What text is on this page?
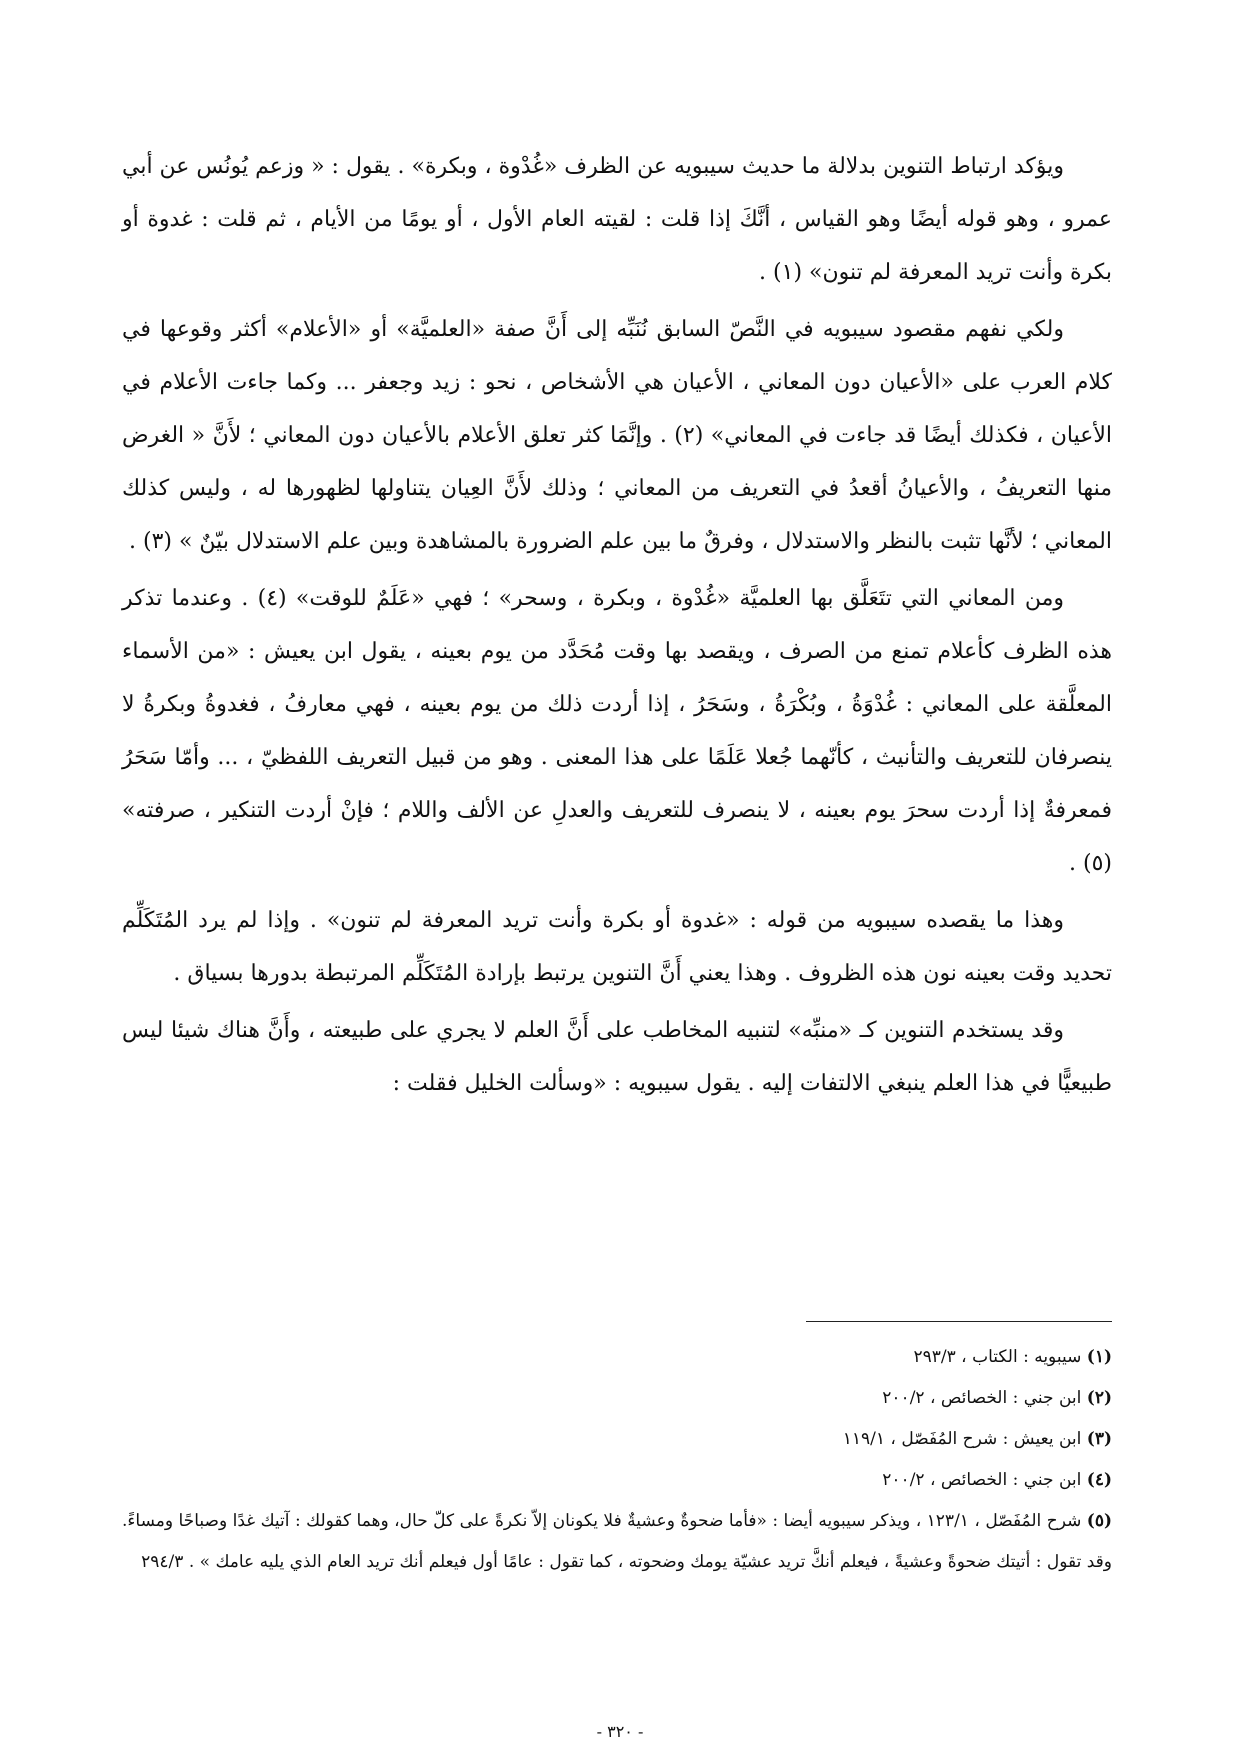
ويؤكد ارتباط التنوين بدلالة ما حديث سيبويه عن الظرف «غُدْوة ، وبكرة» . يقول : « وزعم يُونُس عن أبي عمرو ، وهو قوله أيضًا وهو القياس ، أنَّكَ إذا قلت : لقيته العام الأول ، أو يومًا من الأيام ، ثم قلت : غدوة أو بكرة وأنت تريد المعرفة لم تنون» (١) .

ولكي نفهم مقصود سيبويه في النَّصّ السابق نُنَبِّه إلى أَنَّ صفة «العلميَّة» أو «الأعلام» أكثر وقوعها في كلام العرب على «الأعيان دون المعاني ، الأعيان هي الأشخاص ، نحو : زيد وجعفر ... وكما جاءت الأعلام في الأعيان ، فكذلك أيضًا قد جاءت في المعاني» (٢) . وإنَّمَا كثر تعلق الأعلام بالأعيان دون المعاني ؛ لأَنَّ « الغرض منها التعريفُ ، والأعيانُ أقعدُ في التعريف من المعاني ؛ وذلك لأَنَّ العِيان يتناولها لظهورها له ، وليس كذلك المعاني ؛ لأنَّها تثبت بالنظر والاستدلال ، وفرقٌ ما بين علم الضرورة بالمشاهدة وبين علم الاستدلال بيّنٌ » (٣) .

ومن المعاني التي تتَعَلَّق بها العلميَّة «غُدْوة ، وبكرة ، وسحر» ؛ فهي «عَلَمٌ للوقت» (٤) . وعندما تذكر هذه الظرف كأعلام تمنع من الصرف ، ويقصد بها وقت مُحَدَّد من يوم بعينه ، يقول ابن يعيش : «من الأسماء المعلَّقة على المعاني : غُدْوَةُ ، وبُكْرَةُ ، وسَحَرُ ، إذا أردت ذلك من يوم بعينه ، فهي معارفُ ، فغدوةُ وبكرةُ لا ينصرفان للتعريف والتأنيث ، كأنّهما جُعلا عَلَمًا على هذا المعنى . وهو من قبيل التعريف اللفظيّ ، ... وأمّا سَحَرُ فمعرفةٌ إذا أردت سحرَ يوم بعينه ، لا ينصرف للتعريف والعدلِ عن الألف واللام ؛ فإنْ أردت التنكير ، صرفته» (٥) .

وهذا ما يقصده سيبويه من قوله : «غدوة أو بكرة وأنت تريد المعرفة لم تنون» . وإذا لم يرد المُتَكَلِّم تحديد وقت بعينه نون هذه الظروف . وهذا يعني أَنَّ التنوين يرتبط بإرادة المُتَكَلِّم المرتبطة بدورها بسياق .

وقد يستخدم التنوين كـ «منبِّه» لتنبيه المخاطب على أَنَّ العلم لا يجري على طبيعته ، وأَنَّ هناك شيئا ليس طبيعيًّا في هذا العلم ينبغي الالتفات إليه . يقول سيبويه : «وسألت الخليل فقلت :

(١) سيبويه : الكتاب ، ٢٩٣/٣

(٢) ابن جني : الخصائص ، ٢٠٠/٢

(٣) ابن يعيش : شرح المُفَصّل ، ١١٩/١

(٤) ابن جني : الخصائص ، ٢٠٠/٢

(٥) شرح المُفَصّل ، ١٢٣/١ ، ويذكر سيبويه أيضا : «فأما ضحوةٌ وعشيةٌ فلا يكونان إلاّ نكرةً على كلّ حال، وهما كقولك : آتيك غدًا وصباحًا ومساءً. وقد تقول : أتيتك ضحوةً وعشيةً ، فيعلم أنكَّ تريد عشيّة يومك وضحوته ، كما تقول : عامًا أول فيعلم أنك تريد العام الذي يليه عامك » . ٢٩٤/٣

- ٣٢٠ -
